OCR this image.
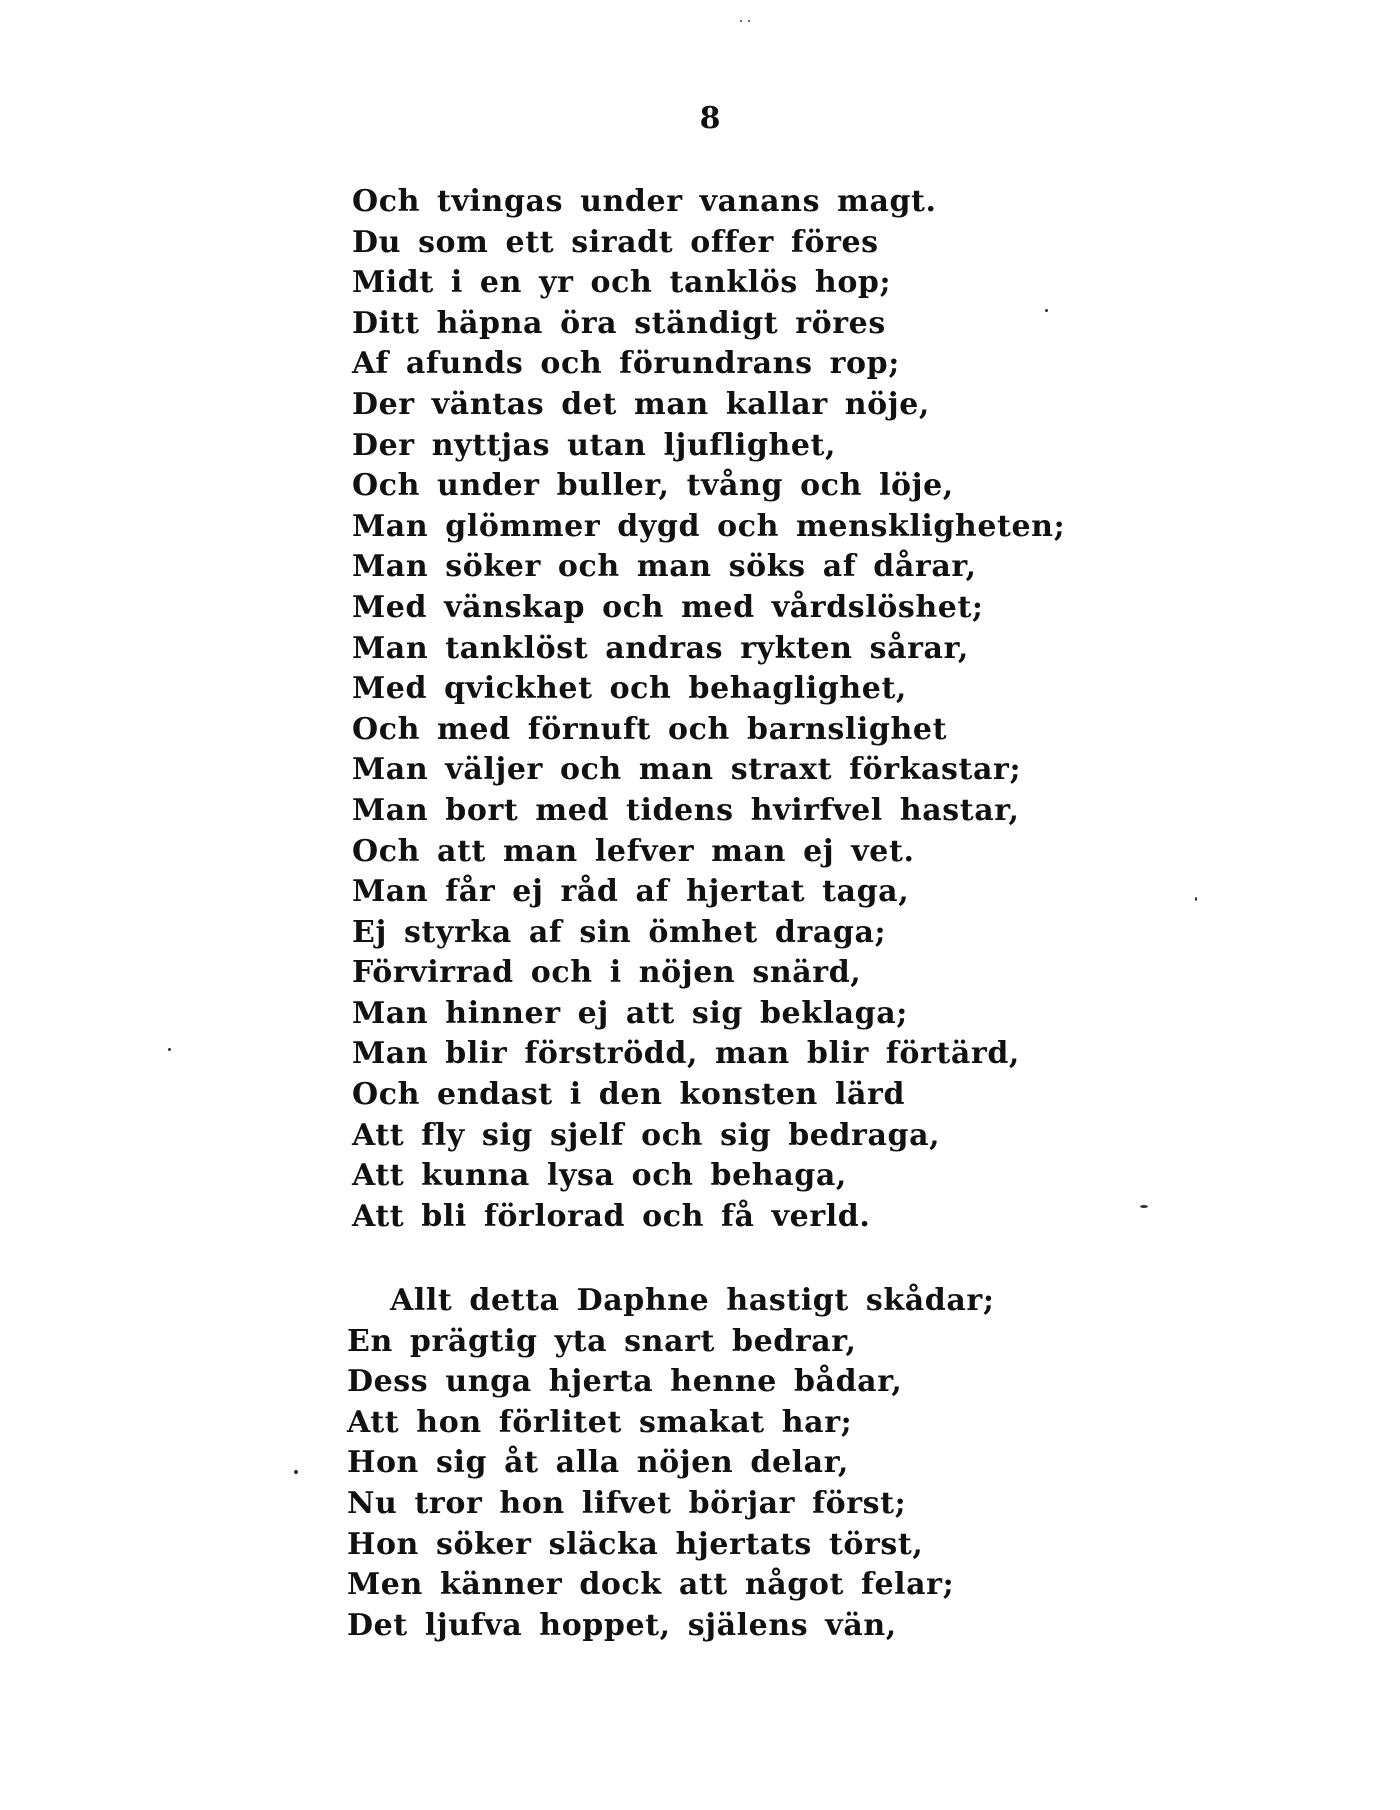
8
Och tvingas under vanans magt.
Du som ett siradt offer föres
Midt i en yr och tanklös hop;
Ditt häpna öra ständigt röres
Af afunds och förundrans rop;
Der väntas det man kallar nöje,
Der nyttjas utan ljuflighet,
Och under buller, tvång och löje,
Man glömmer dygd och menskligheten;
Man söker och man söks af dårar,
Med vänskap och med vårdslöshet;
Man tanklöst andras rykten sårar,
Med qvickhet och behaglighet,
Och med förnuft och barnslighet
Man väljer och man straxt förkastar;
Man bort med tidens hvirfvel hastar,
Och att man lefver man ej vet.
Man får ej råd af hjertat taga,
Ej styrka af sin ömhet draga;
Förvirrad och i nöjen snärd,
Man hinner ej att sig beklaga;
Man blir förströdd, man blir förtärd,
Och endast i den konsten lärd
Att fly sig sjelf och sig bedraga,
Att kunna lysa och behaga,
Att bli förlorad och få verld.
Allt detta Daphne hastigt skådar;
En prägtig yta snart bedrar,
Dess unga hjerta henne bådar,
Att hon förlitet smakat har;
Hon sig åt alla nöjen delar,
Nu tror hon lifvet börjar först;
Hon söker släcka hjertats törst,
Men känner dock att något felar;
Det ljufva hoppet, själens vän,
